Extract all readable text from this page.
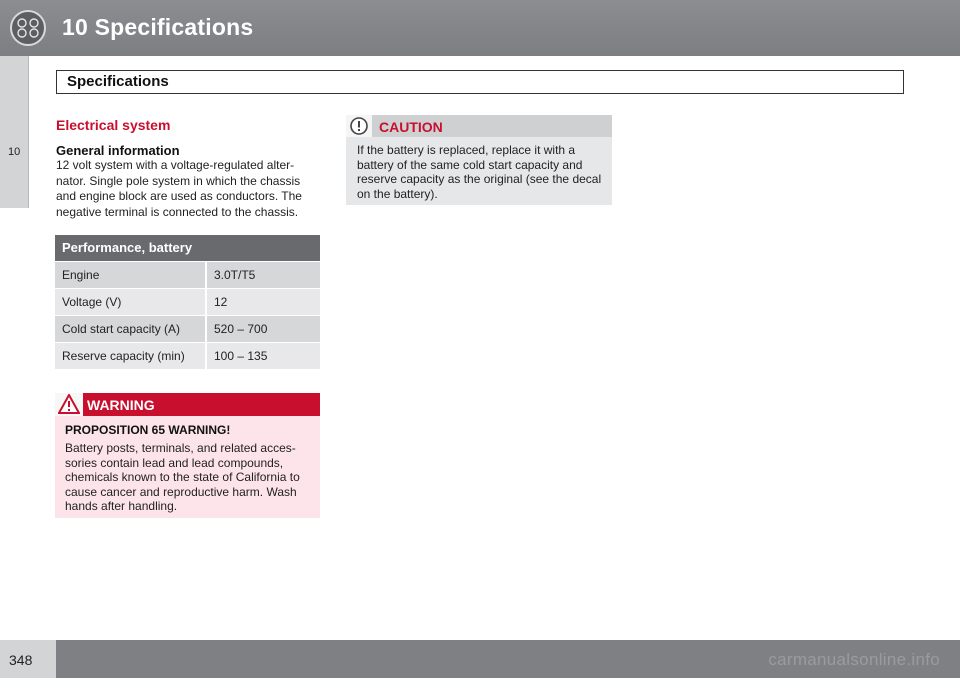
10 Specifications
Specifications
10
Electrical system
General information
12 volt system with a voltage-regulated alter-nator. Single pole system in which the chassis and engine block are used as conductors. The negative terminal is connected to the chassis.
Performance, battery
Engine	3.0T/T5
Voltage (V)	12
Cold start capacity (A)	520 – 700
Reserve capacity (min)	100 – 135
WARNING
PROPOSITION 65 WARNING!
Battery posts, terminals, and related acces-sories contain lead and lead compounds, chemicals known to the state of California to cause cancer and reproductive harm. Wash hands after handling.
CAUTION
If the battery is replaced, replace it with a battery of the same cold start capacity and reserve capacity as the original (see the decal on the battery).
348	carmanualsonline.info
